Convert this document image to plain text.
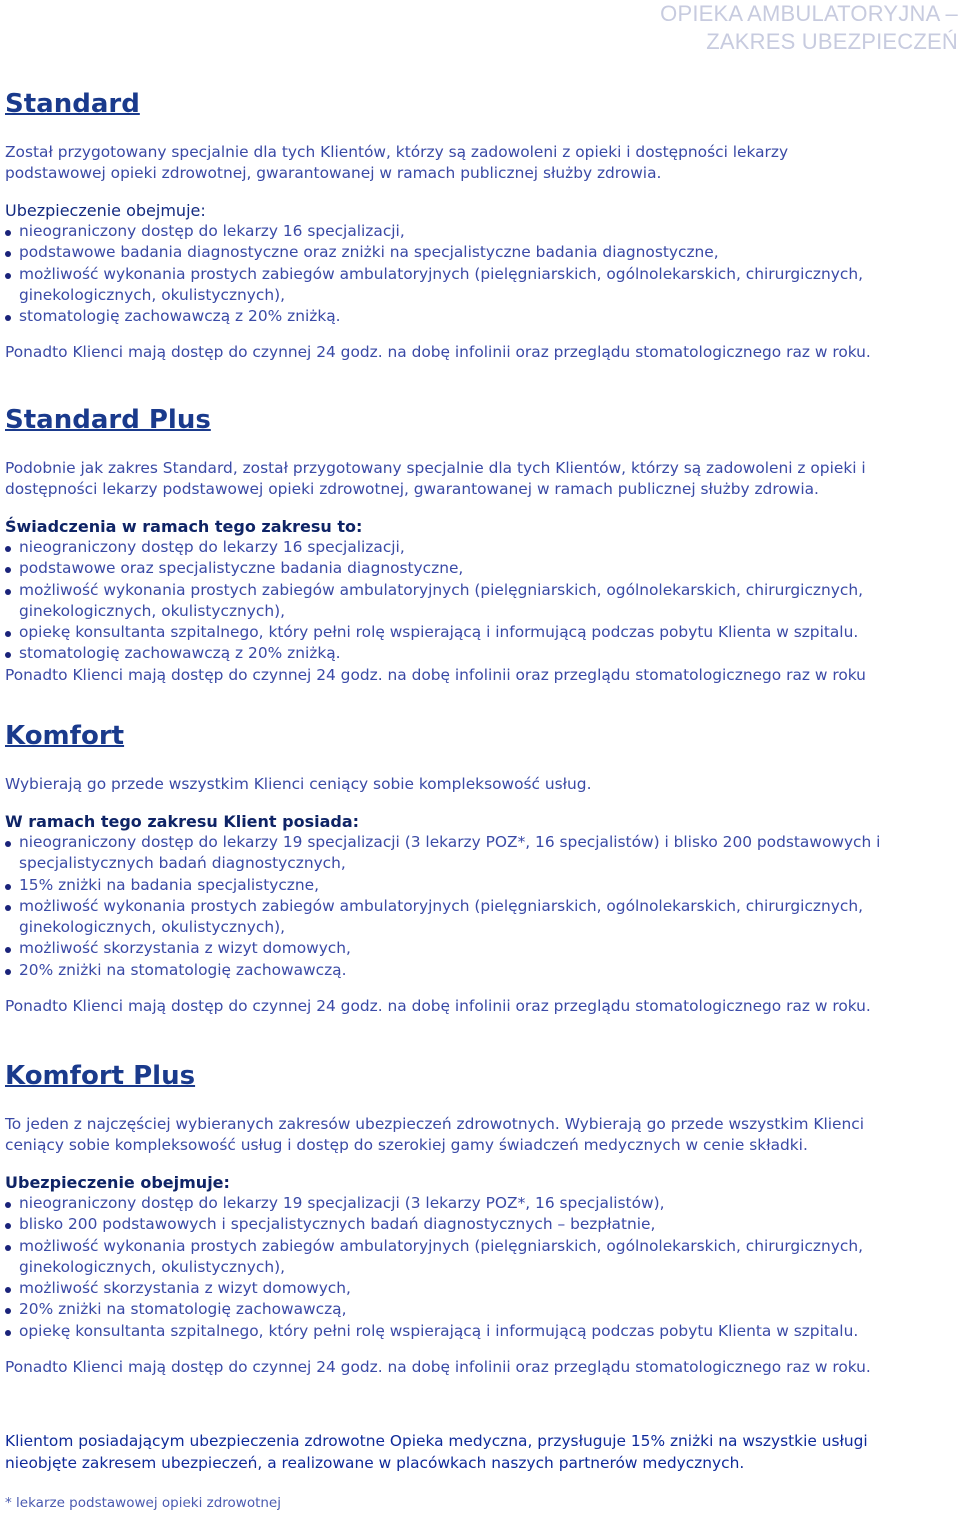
OPIEKA AMBULATORYJNA –
ZAKRES UBEZPIECZEŃ
Standard

Został przygotowany specjalnie dla tych Klientów, którzy są zadowoleni z opieki i dostępności lekarzy

podstawowej opieki zdrowotnej, gwarantowanej w ramach publicznej służby zdrowia.

Ubezpieczenie obejmuje:

nieograniczony dostęp do lekarzy 16 specjalizacji,
podstawowe badania diagnostyczne oraz zniżki na specjalistyczne badania diagnostyczne,
możliwość wykonania prostych zabiegów ambulatoryjnych (pielęgniarskich, ogólnolekarskich, chirurgicznych, ginekologicznych, okulistycznych),
stomatologię zachowawczą z 20% zniżką.

Ponadto Klienci mają dostęp do czynnej 24 godz. na dobę infolinii oraz przeglądu stomatologicznego raz w roku.

Standard Plus

Podobnie jak zakres Standard, został przygotowany specjalnie dla tych Klientów, którzy są zadowoleni z opieki i

dostępności lekarzy podstawowej opieki zdrowotnej, gwarantowanej w ramach publicznej służby zdrowia.

Świadczenia w ramach tego zakresu to:

nieograniczony dostęp do lekarzy 16 specjalizacji,
podstawowe oraz specjalistyczne badania diagnostyczne,
możliwość wykonania prostych zabiegów ambulatoryjnych (pielęgniarskich, ogólnolekarskich, chirurgicznych, ginekologicznych, okulistycznych),
opiekę konsultanta szpitalnego, który pełni rolę wspierającą i informującą podczas pobytu Klienta w szpitalu.
stomatologię zachowawczą z 20% zniżką.

Ponadto Klienci mają dostęp do czynnej 24 godz. na dobę infolinii oraz przeglądu stomatologicznego raz w roku

Komfort

Wybierają go przede wszystkim Klienci ceniący sobie kompleksowość usług.

W ramach tego zakresu Klient posiada:

nieograniczony dostęp do lekarzy 19 specjalizacji (3 lekarzy POZ*, 16 specjalistów) i blisko 200 podstawowych i specjalistycznych badań diagnostycznych,
15% zniżki na badania specjalistyczne,
możliwość wykonania prostych zabiegów ambulatoryjnych (pielęgniarskich, ogólnolekarskich, chirurgicznych, ginekologicznych, okulistycznych),
możliwość skorzystania z wizyt domowych,
20% zniżki na stomatologię zachowawczą.

Ponadto Klienci mają dostęp do czynnej 24 godz. na dobę infolinii oraz przeglądu stomatologicznego raz w roku.

Komfort Plus

To jeden z najczęściej wybieranych zakresów ubezpieczeń zdrowotnych. Wybierają go przede wszystkim Klienci

ceniący sobie kompleksowość usług i dostęp do szerokiej gamy świadczeń medycznych w cenie składki.

Ubezpieczenie obejmuje:

nieograniczony dostęp do lekarzy 19 specjalizacji (3 lekarzy POZ*, 16 specjalistów),
blisko 200 podstawowych i specjalistycznych badań diagnostycznych – bezpłatnie,
możliwość wykonania prostych zabiegów ambulatoryjnych (pielęgniarskich, ogólnolekarskich, chirurgicznych, ginekologicznych, okulistycznych),
możliwość skorzystania z wizyt domowych,
20% zniżki na stomatologię zachowawczą,
opiekę konsultanta szpitalnego, który pełni rolę wspierającą i informującą podczas pobytu Klienta w szpitalu.

Ponadto Klienci mają dostęp do czynnej 24 godz. na dobę infolinii oraz przeglądu stomatologicznego raz w roku.

Klientom posiadającym ubezpieczenia zdrowotne Opieka medyczna, przysługuje 15% zniżki na wszystkie usługi

nieobjęte zakresem ubezpieczeń, a realizowane w placówkach naszych partnerów medycznych.

* lekarze podstawowej opieki zdrowotnej
